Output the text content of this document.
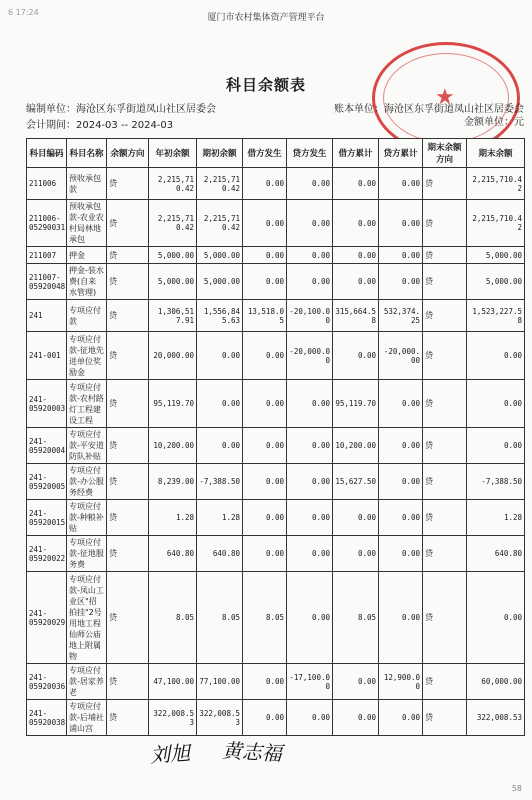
6 17:24
厦门市农村集体资产管理平台
★
科目余额表
编制单位：海沧区东孚街道凤山社区居委会	账本单位：海沧区东孚街道凤山社区居委会
会计期间：2024-03 -- 2024-03	金额单位：元
科目编码	科目名称	余额方向	年初余额	期初余额	借方发生	贷方发生	借方累计	贷方累计	期末余额方向	期末余额
211006	预收承包款	贷	2,215,710.42	2,215,710.42	0.00	0.00	0.00	0.00	贷	2,215,710.42
211006-05290031	预收承包款-农业农村局林地承包	贷	2,215,710.42	2,215,710.42	0.00	0.00	0.00	0.00	贷	2,215,710.42
211007	押金	贷	5,000.00	5,000.00	0.00	0.00	0.00	0.00	贷	5,000.00
211007-05920048	押金-装水费(自来水管理)	贷	5,000.00	5,000.00	0.00	0.00	0.00	0.00	贷	5,000.00
241	专项应付款	贷	1,306,517.91	1,556,845.63	13,518.05	-20,100.00	315,664.58	532,374.25	贷	1,523,227.58
241-001	专项应付款-征地先进单位奖励金	贷	20,000.00	0.00	0.00	-20,000.00	0.00	-20,000.00	贷	0.00
241-05920003	专项应付款-农村路灯工程建设工程	贷	95,119.70	0.00	0.00	0.00	95,119.70	0.00	贷	0.00
241-05920004	专项应付款-平安道防队补贴	贷	10,200.00	0.00	0.00	0.00	10,200.00	0.00	贷	0.00
241-05920005	专项应付款-办公服务经费	贷	8,239.00	-7,388.50	0.00	0.00	15,627.50	0.00	贷	-7,388.50
241-05920015	专项应付款-种粮补贴	贷	1.28	1.28	0.00	0.00	0.00	0.00	贷	1.28
241-05920022	专项应付款-征地服务费	贷	640.80	640.80	0.00	0.00	0.00	0.00	贷	640.80
241-05920029	专项应付款-凤山工业区"招拍挂"2号用地工程仙师公庙地上附属物	贷	8.05	8.05	8.05	0.00	8.05	0.00	贷	0.00
241-05920036	专项应付款-居家养老	贷	47,100.00	77,100.00	0.00	-17,100.00	0.00	12,900.00	贷	60,000.00
241-05920038	专项应付款-后埔社浦山宫	贷	322,008.53	322,008.53	0.00	0.00	0.00	0.00	贷	322,008.53
刘旭 黄志福
58
